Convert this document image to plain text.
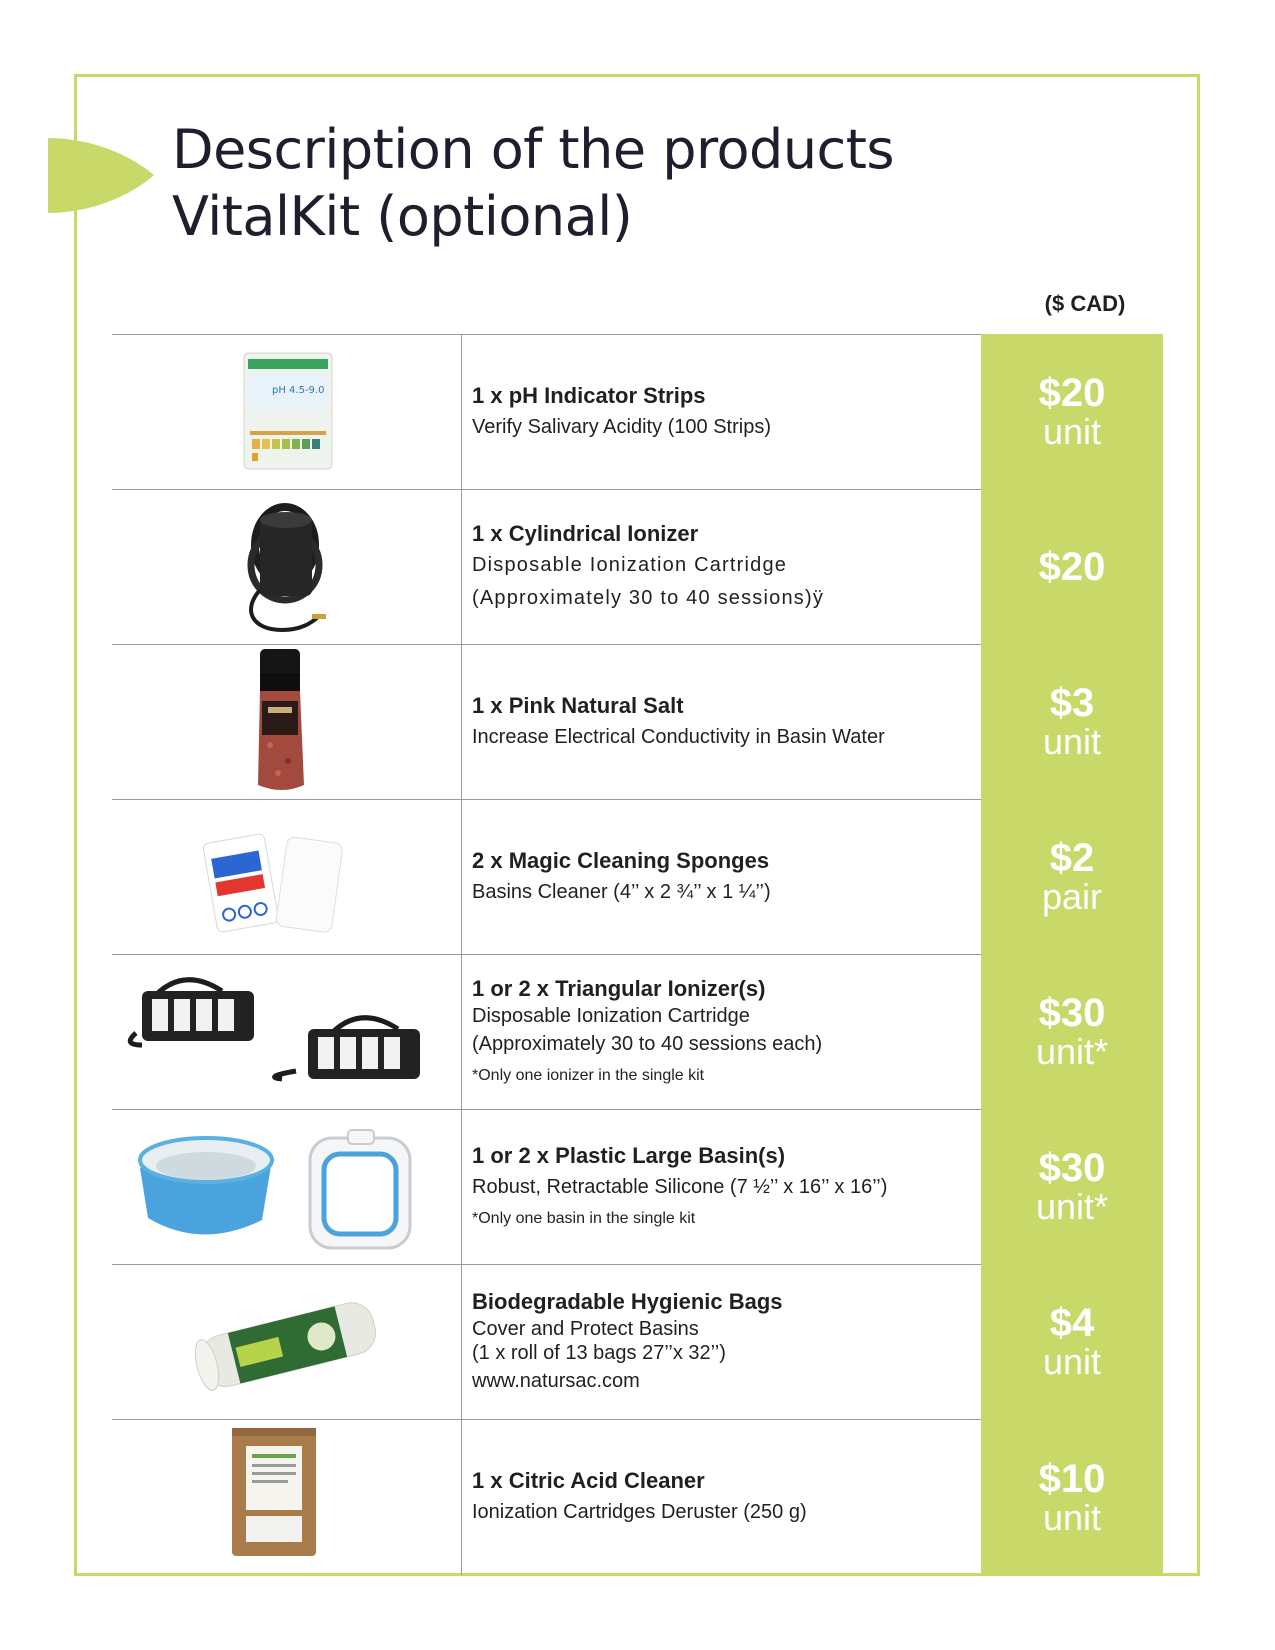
Description of the products
VitalKit (optional)
($ CAD)
pH 4.5-9.0	1 x pH Indicator Strips
Verify Salivary Acidity (100 Strips)
$20
unit
1 x Cylindrical Ionizer
Disposable Ionization Cartridge
(Approximately 30 to 40 sessions)ÿ
$20
1 x Pink Natural Salt
Increase Electrical Conductivity in Basin Water
$3
unit
2 x Magic Cleaning Sponges
Basins Cleaner (4’’ x 2 ¾’’ x 1 ¼’’)
$2
pair
1 or 2 x Triangular Ionizer(s)
Disposable Ionization Cartridge
(Approximately 30 to 40 sessions each)
*Only one ionizer in the single kit
$30
unit*
1 or 2 x Plastic Large Basin(s)
Robust, Retractable Silicone (7 ½’’ x 16’’ x 16’’)
*Only one basin in the single kit
$30
unit*
Biodegradable Hygienic Bags
Cover and Protect Basins
(1 x roll of 13 bags 27’’x 32’’)
www.natursac.com
$4
unit
1 x Citric Acid Cleaner
Ionization Cartridges Deruster (250 g)
$10
unit
